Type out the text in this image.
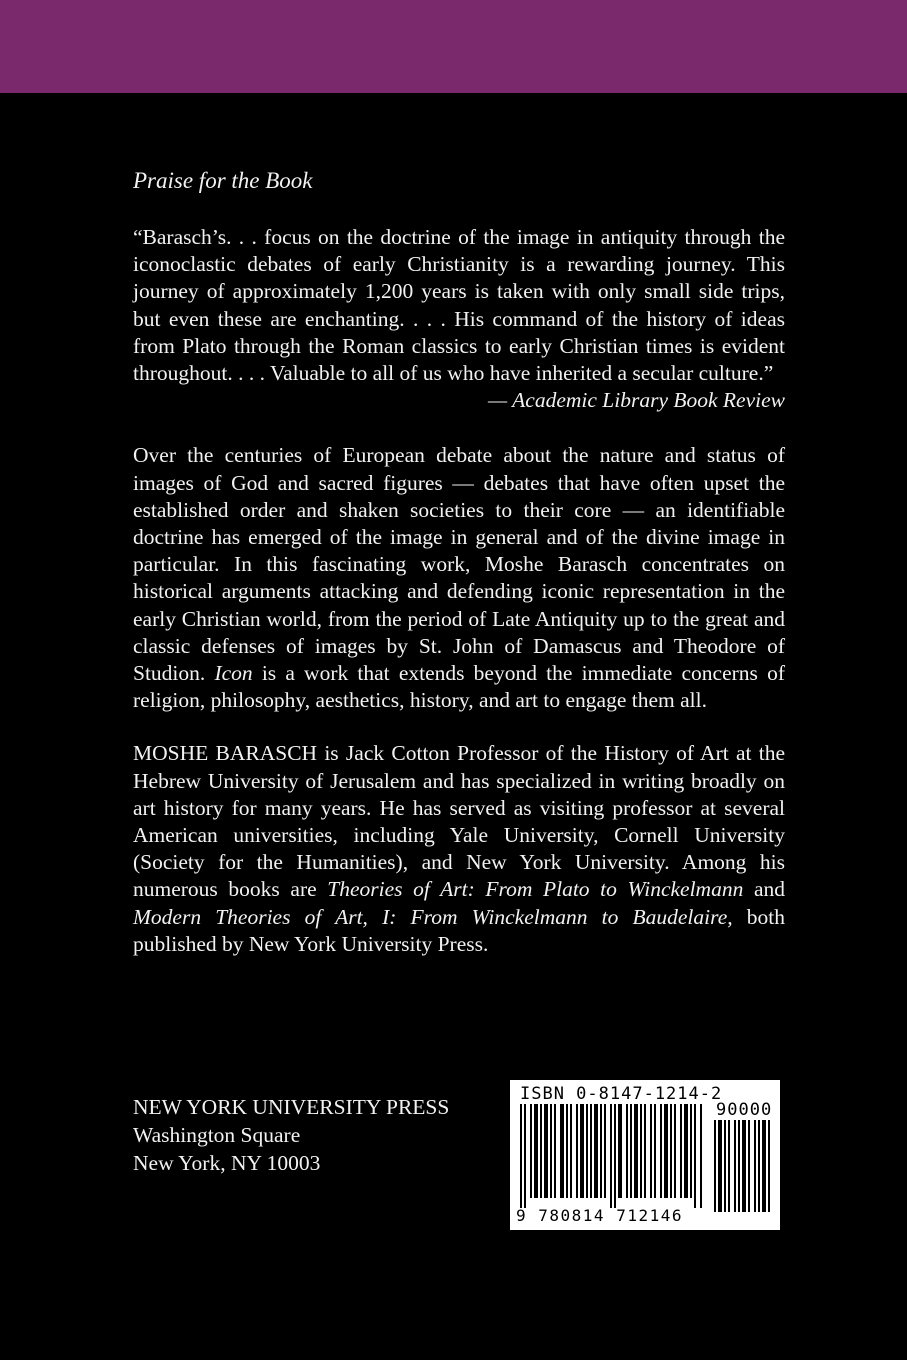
Praise for the Book

“Barasch’s. . . focus on the doctrine of the image in antiquity through the iconoclastic debates of early Christianity is a rewarding journey. This journey of approximately 1,200 years is taken with only small side trips, but even these are enchanting. . . . His command of the history of ideas from Plato through the Roman classics to early Christian times is evident throughout. . . . Valuable to all of us who have inherited a secular culture.”

— Academic Library Book Review

Over the centuries of European debate about the nature and status of images of God and sacred figures — debates that have often upset the established order and shaken societies to their core — an identifiable doctrine has emerged of the image in general and of the divine image in particular. In this fascinating work, Moshe Barasch concentrates on historical arguments attacking and defending iconic representation in the early Christian world, from the period of Late Antiquity up to the great and classic defenses of images by St. John of Damascus and Theodore of Studion. Icon is a work that extends beyond the immediate concerns of religion, philosophy, aesthetics, history, and art to engage them all.

MOSHE BARASCH is Jack Cotton Professor of the History of Art at the Hebrew University of Jerusalem and has specialized in writing broadly on art history for many years. He has served as visiting professor at several American universities, including Yale University, Cornell University (Society for the Humanities), and New York University. Among his numerous books are Theories of Art: From Plato to Winckelmann and Modern Theories of Art, I: From Winckelmann to Baudelaire, both published by New York University Press.

NEW YORK UNIVERSITY PRESS
Washington Square
New York, NY 10003
ISBN 0-8147-1214-2
90000
9 780814 712146
